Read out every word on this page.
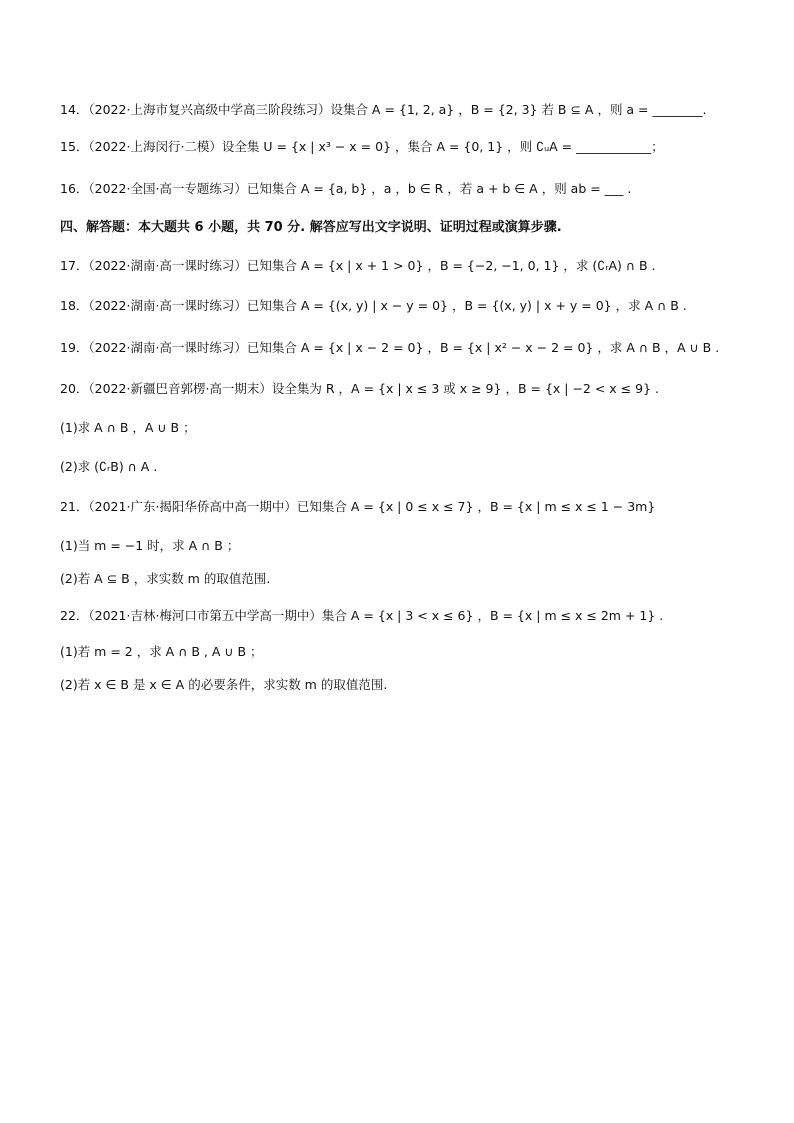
14．（2022·上海市复兴高级中学高三阶段练习）设集合 A = {1, 2, a} ，B = {2, 3} 若 B ⊆ A ，则 a = ________.
15．（2022·上海闵行·二模）设全集 U = {x | x³ − x = 0} ，集合 A = {0, 1} ，则 ∁ᵤA = ____________；
16．（2022·全国·高一专题练习）已知集合 A = {a, b} ，a ，b ∈ R ，若 a + b ∈ A ，则 ab = ___ .
四、解答题：本大题共 6 小题，共 70 分. 解答应写出文字说明、证明过程或演算步骤.
17．（2022·湖南·高一课时练习）已知集合 A = {x | x + 1 > 0} ，B = {−2, −1, 0, 1} ，求 (∁ᵣA) ∩ B .
18．（2022·湖南·高一课时练习）已知集合 A = {(x, y) | x − y = 0} ，B = {(x, y) | x + y = 0} ，求 A ∩ B .
19．（2022·湖南·高一课时练习）已知集合 A = {x | x − 2 = 0} ，B = {x | x² − x − 2 = 0} ，求 A ∩ B ，A ∪ B .
20．（2022·新疆巴音郭楞·高一期末）设全集为 R ，A = {x | x ≤ 3 或 x ≥ 9} ，B = {x | −2 < x ≤ 9} .
(1)求 A ∩ B ，A ∪ B ；
(2)求 (∁ᵣB) ∩ A .
21．（2021·广东·揭阳华侨高中高一期中）已知集合 A = {x | 0 ≤ x ≤ 7} ，B = {x | m ≤ x ≤ 1 − 3m}
(1)当 m = −1 时，求 A ∩ B ；
(2)若 A ⊆ B ，求实数 m 的取值范围.
22．（2021·吉林·梅河口市第五中学高一期中）集合 A = {x | 3 < x ≤ 6} ，B = {x | m ≤ x ≤ 2m + 1} .
(1)若 m = 2 ，求 A ∩ B , A ∪ B ；
(2)若 x ∈ B 是 x ∈ A 的必要条件，求实数 m 的取值范围.
